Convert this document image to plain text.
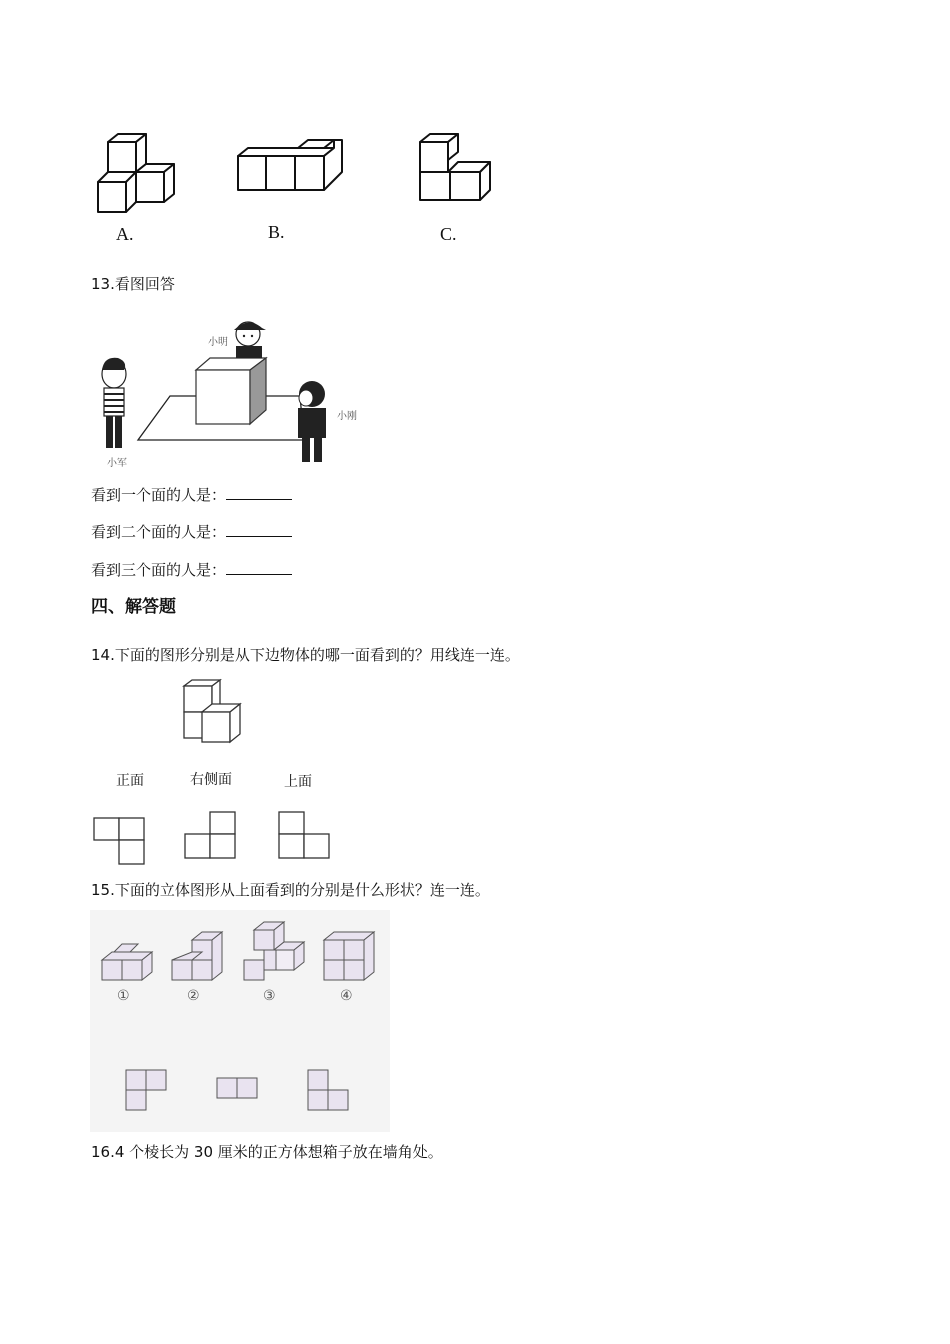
A.	B.	C.
13.看图回答
小明
小刚
小军
看到一个面的人是：
看到二个面的人是：
看到三个面的人是：
四、解答题
14.下面的图形分别是从下边物体的哪一面看到的？用线连一连。
正面	右侧面	上面
15.下面的立体图形从上面看到的分别是什么形状？连一连。
①	②	③	④
16.4 个棱长为 30 厘米的正方体想箱子放在墙角处。
